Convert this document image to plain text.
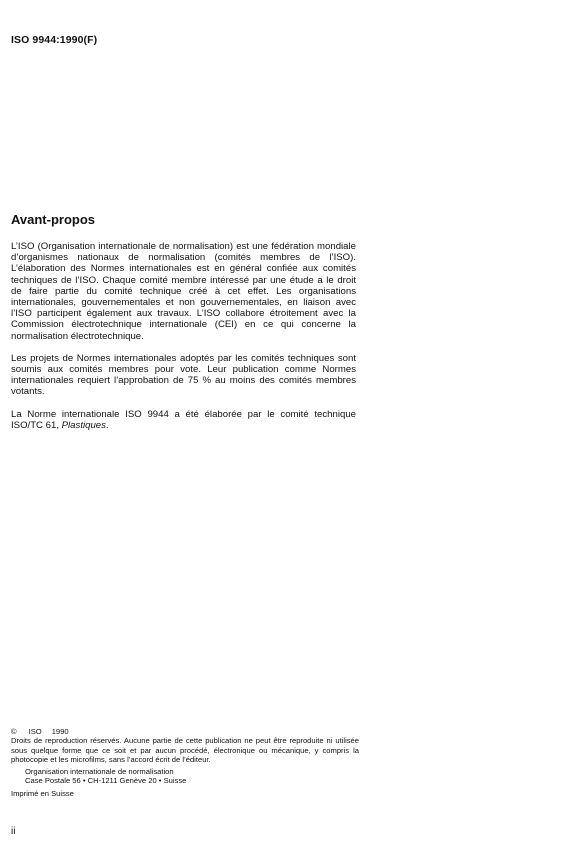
ISO 9944:1990(F)
Avant-propos

L’ISO (Organisation internationale de normalisation) est une fédération mondiale d’organismes nationaux de normalisation (comités membres de l’ISO). L’élaboration des Normes internationales est en général confiée aux comités techniques de l’ISO. Chaque comité membre intéressé par une étude a le droit de faire partie du comité technique créé à cet effet. Les organisations internationales, gouvernementales et non gouvernementales, en liaison avec l’ISO participent également aux travaux. L’ISO collabore étroitement avec la Commission électrotechnique internationale (CEI) en ce qui concerne la normalisation électrotechnique.

Les projets de Normes internationales adoptés par les comités techniques sont soumis aux comités membres pour vote. Leur publication comme Normes internationales requiert l’approbation de 75 % au moins des comités membres votants.

La Norme internationale ISO 9944 a été élaborée par le comité technique ISO/TC 61, Plastiques.

© ISO 1990
Droits de reproduction réservés. Aucune partie de cette publication ne peut être reproduite ni utilisée sous quelque forme que ce soit et par aucun procédé, électronique ou mécanique, y compris la photocopie et les microfilms, sans l’accord écrit de l’éditeur.
Organisation internationale de normalisation
Case Postale 56 • CH-1211 Genève 20 • Suisse
Imprimé en Suisse
ii
